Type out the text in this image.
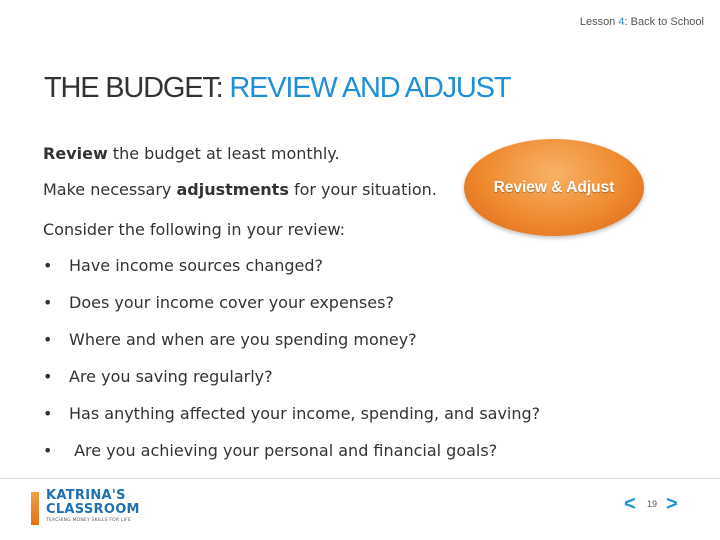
Lesson 4: Back to School
THE BUDGET: REVIEW AND ADJUST
Review the budget at least monthly.
Make necessary adjustments for your situation.
Consider the following in your review:
Review & Adjust
•	Have income sources changed?
•	Does your income cover your expenses?
•	Where and when are you spending money?
•	Are you saving regularly?
•	Has anything affected your income, spending, and saving?
•	Are you achieving your personal and financial goals?
KATRINA'S
CLASSROOM
TEACHING MONEY SKILLS FOR LIFE
<	19 >
